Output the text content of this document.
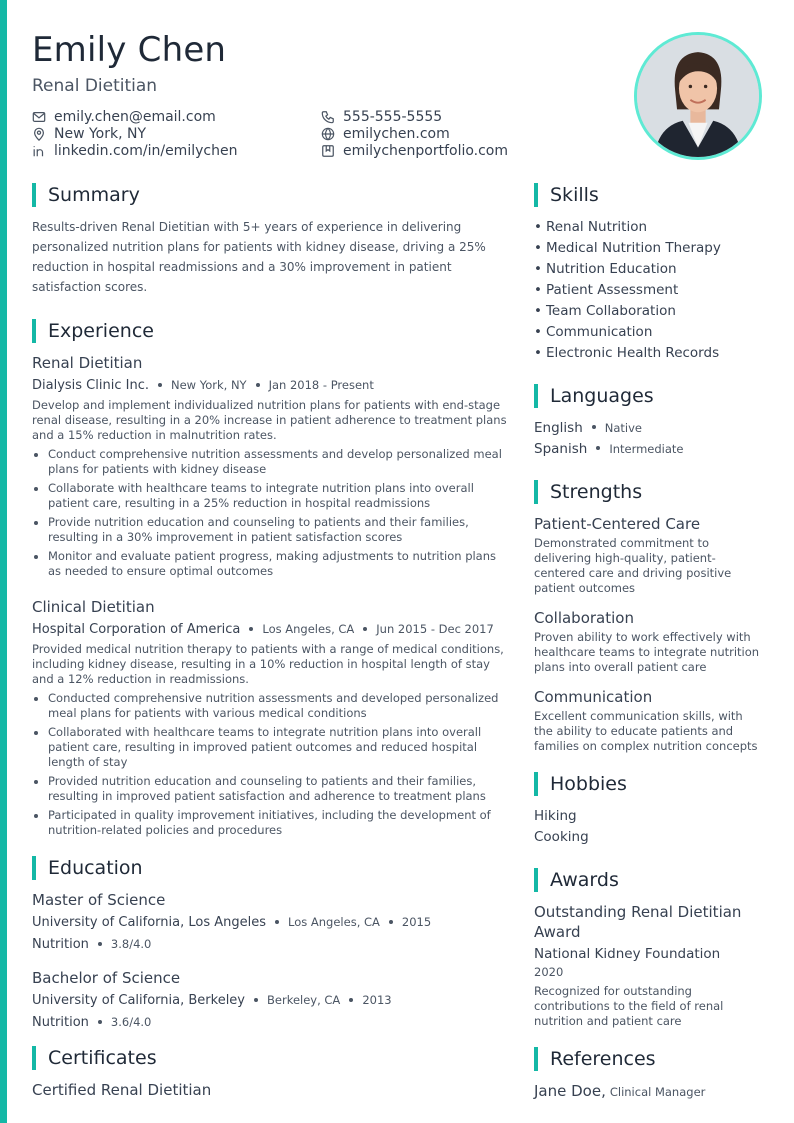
Emily Chen
Renal Dietitian
emily.chen@email.com	555-555-5555
New York, NY	emilychen.com
linkedin.com/in/emilychen	emilychenportfolio.com
Summary

Results-driven Renal Dietitian with 5+ years of experience in delivering personalized nutrition plans for patients with kidney disease, driving a 25% reduction in hospital readmissions and a 30% improvement in patient satisfaction scores.

Experience
Renal Dietitian
Dialysis Clinic Inc. New York, NY Jan 2018 - Present

Develop and implement individualized nutrition plans for patients with end-stage renal disease, resulting in a 20% increase in patient adherence to treatment plans and a 15% reduction in malnutrition rates.

Conduct comprehensive nutrition assessments and develop personalized meal plans for patients with kidney disease
Collaborate with healthcare teams to integrate nutrition plans into overall patient care, resulting in a 25% reduction in hospital readmissions
Provide nutrition education and counseling to patients and their families, resulting in a 30% improvement in patient satisfaction scores
Monitor and evaluate patient progress, making adjustments to nutrition plans as needed to ensure optimal outcomes
Clinical Dietitian
Hospital Corporation of America Los Angeles, CA Jun 2015 - Dec 2017

Provided medical nutrition therapy to patients with a range of medical conditions, including kidney disease, resulting in a 10% reduction in hospital length of stay and a 12% reduction in readmissions.

Conducted comprehensive nutrition assessments and developed personalized meal plans for patients with various medical conditions
Collaborated with healthcare teams to integrate nutrition plans into overall patient care, resulting in improved patient outcomes and reduced hospital length of stay
Provided nutrition education and counseling to patients and their families, resulting in improved patient satisfaction and adherence to treatment plans
Participated in quality improvement initiatives, including the development of nutrition-related policies and procedures
Education
Master of Science
University of California, Los Angeles Los Angeles, CA 2015
Nutrition 3.8/4.0
Bachelor of Science
University of California, Berkeley Berkeley, CA 2013
Nutrition 3.6/4.0
Certificates
Certified Renal Dietitian
Skills
• Renal Nutrition
• Medical Nutrition Therapy
• Nutrition Education
• Patient Assessment
• Team Collaboration
• Communication
• Electronic Health Records
Languages
English Native
Spanish Intermediate
Strengths
Patient-Centered Care

Demonstrated commitment to delivering high-quality, patient-centered care and driving positive patient outcomes

Collaboration

Proven ability to work effectively with healthcare teams to integrate nutrition plans into overall patient care

Communication

Excellent communication skills, with the ability to educate patients and families on complex nutrition concepts

Hobbies
Hiking
Cooking
Awards
Outstanding Renal Dietitian Award
National Kidney Foundation
2020

Recognized for outstanding contributions to the field of renal nutrition and patient care

References
Jane Doe, Clinical Manager
